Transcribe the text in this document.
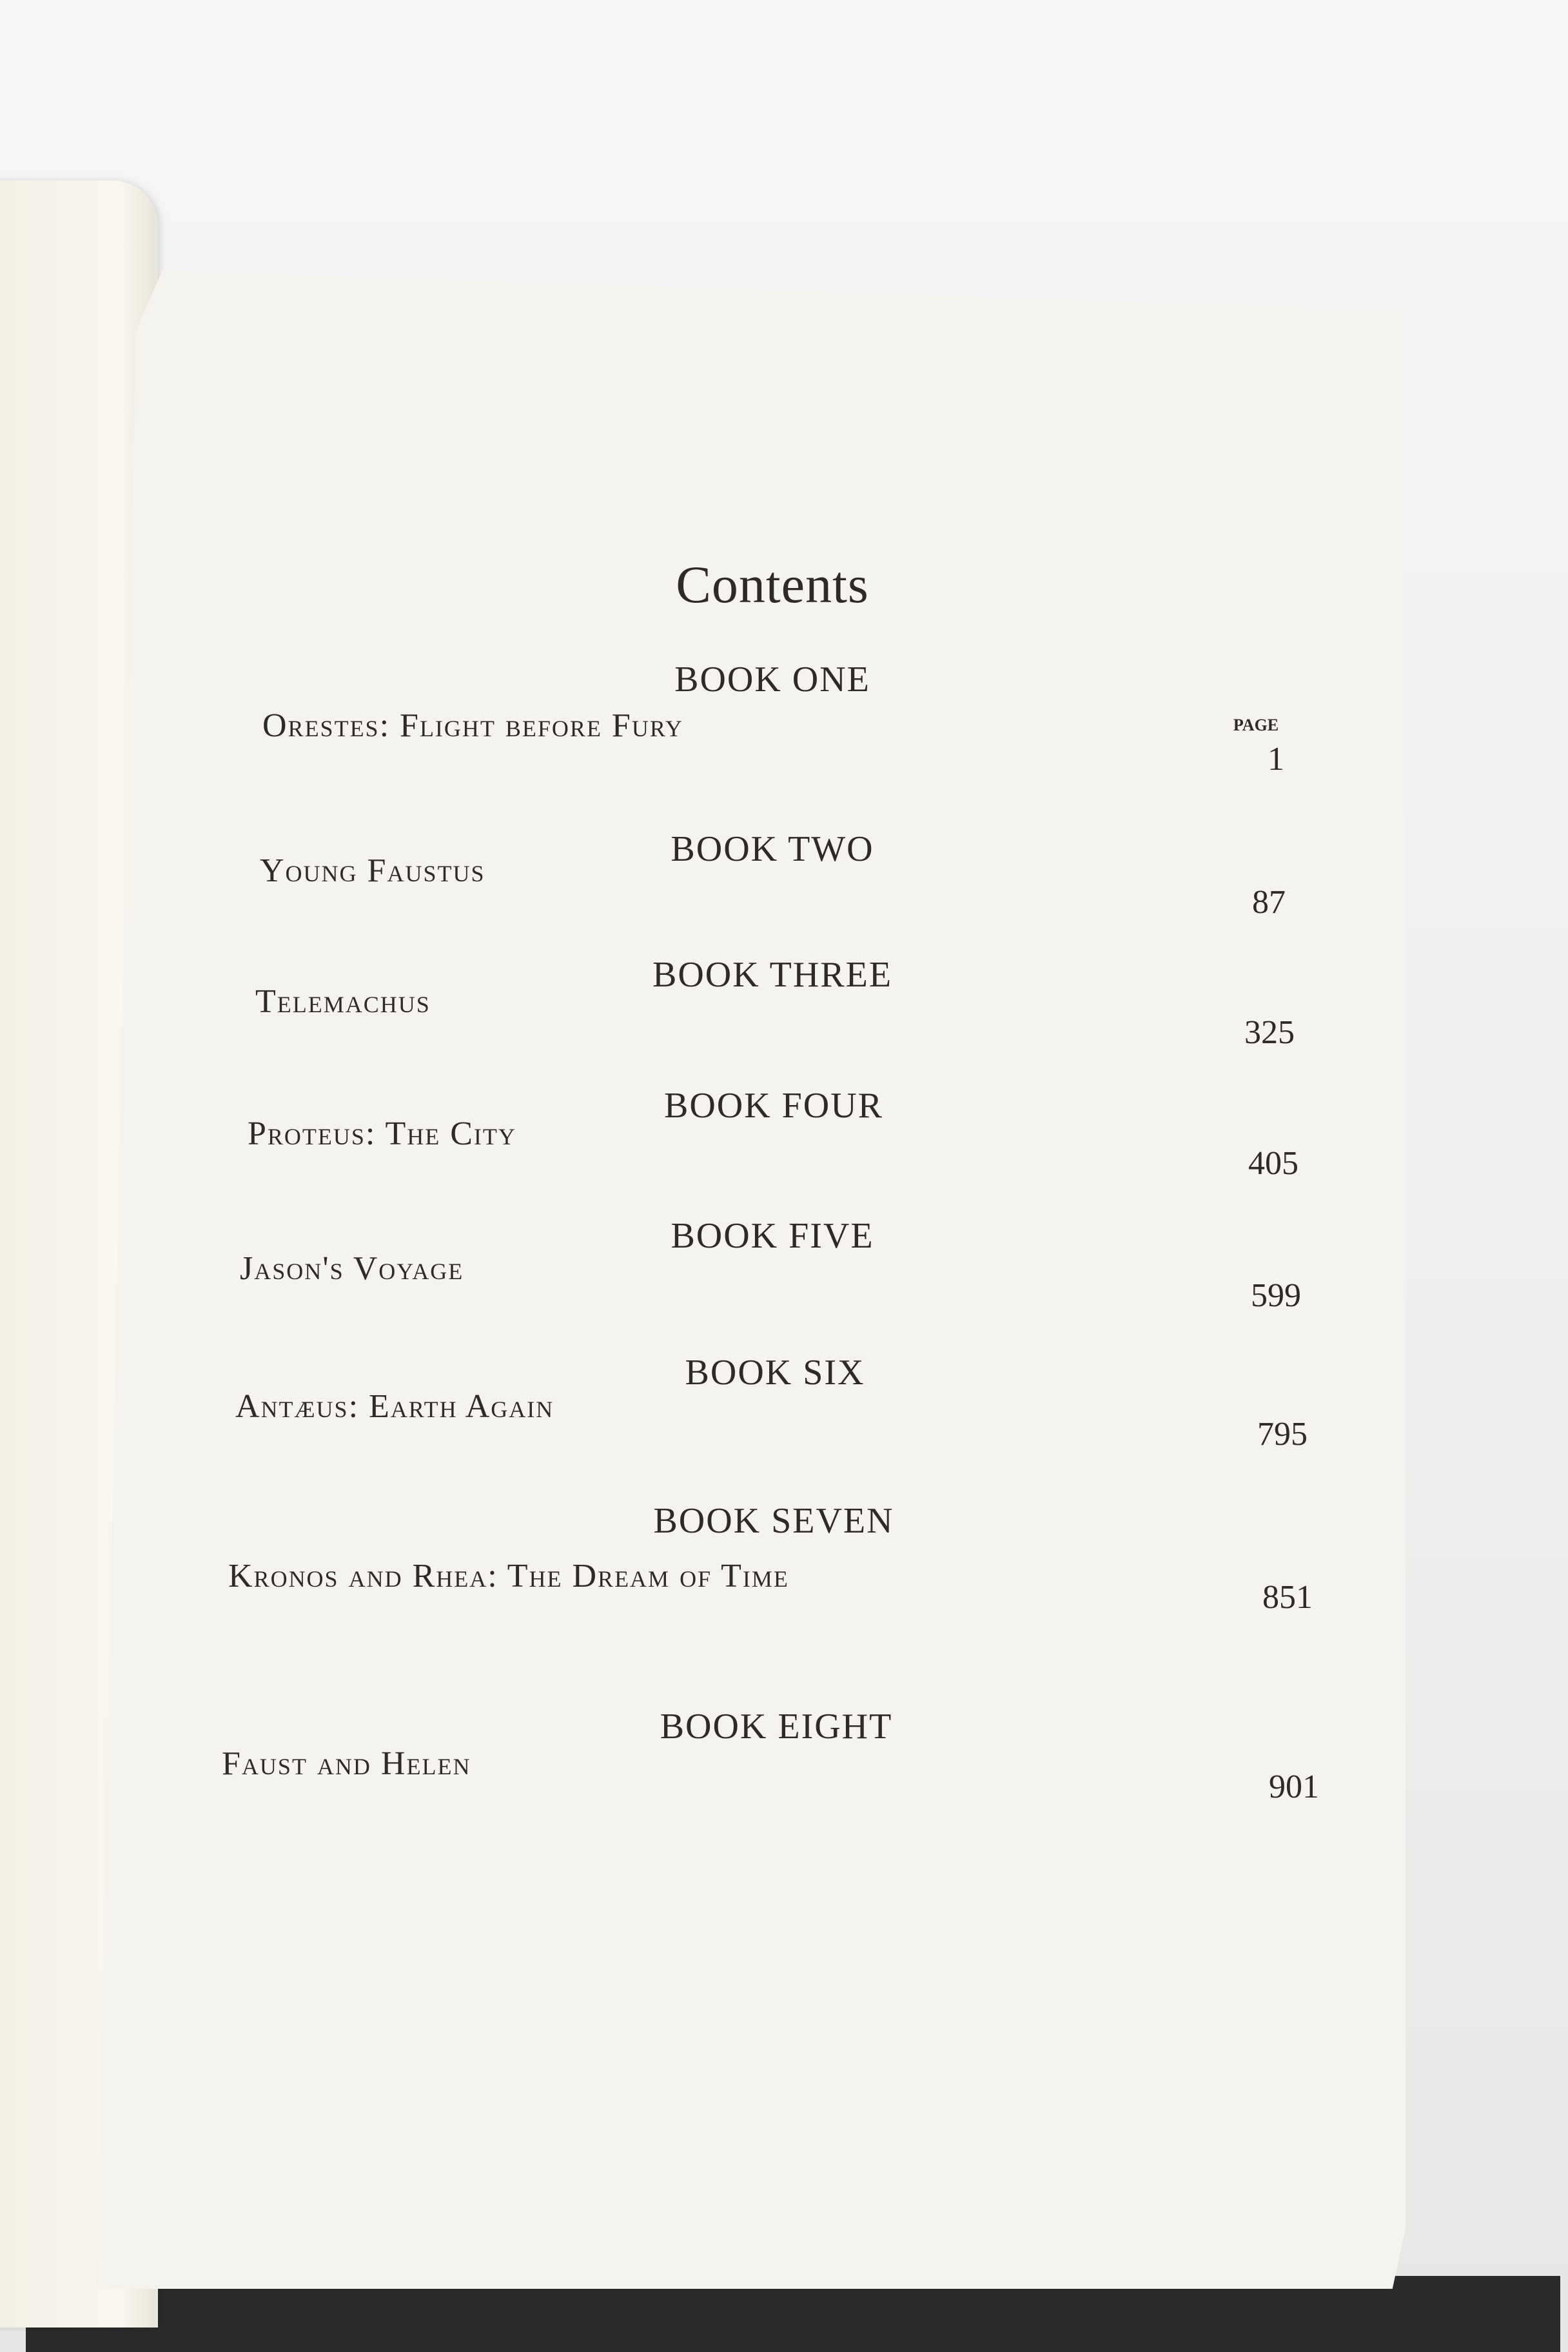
Contents
PAGE
BOOK ONE
Orestes: Flight before Fury
1
BOOK TWO
Young Faustus
87
BOOK THREE
Telemachus
325
BOOK FOUR
Proteus: The City
405
BOOK FIVE
Jason's Voyage
599
BOOK SIX
Antæus: Earth Again
795
BOOK SEVEN
Kronos and Rhea: The Dream of Time
851
BOOK EIGHT
Faust and Helen
901
